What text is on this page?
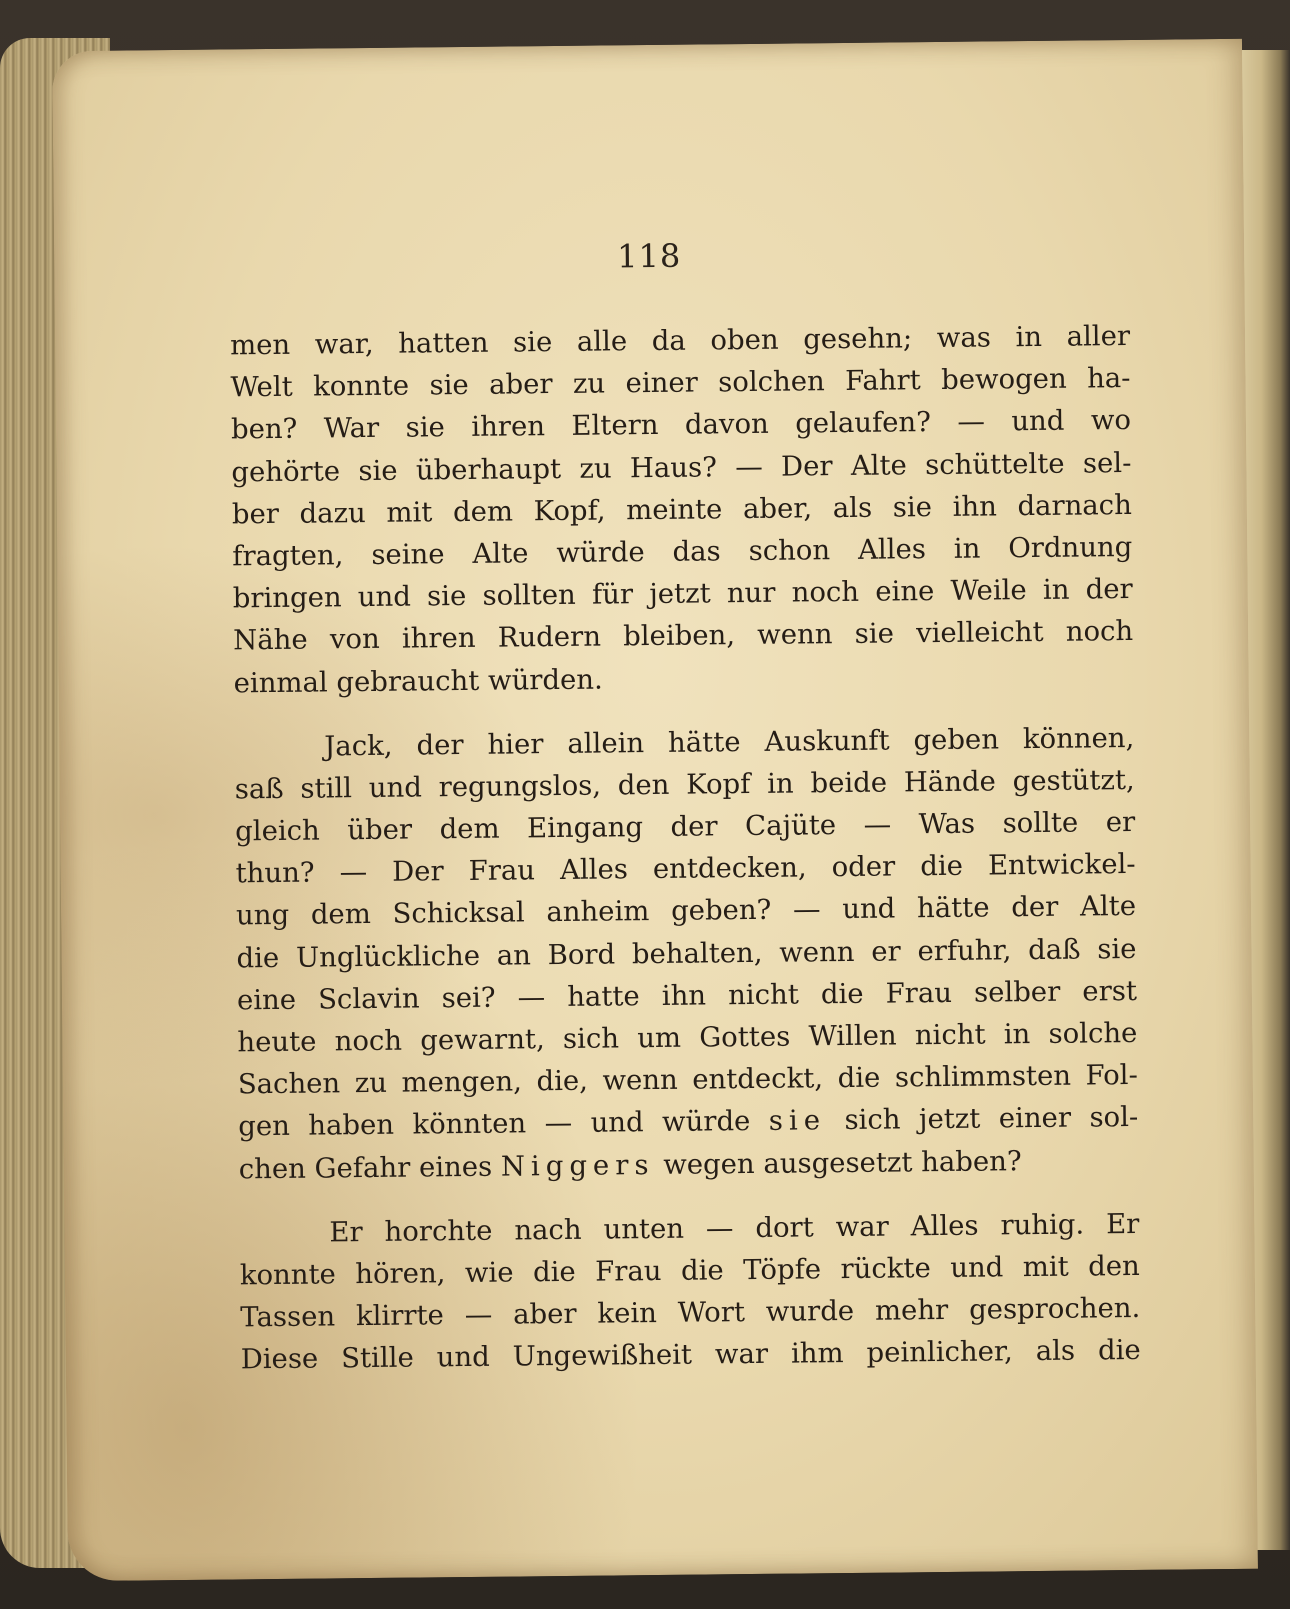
118
men war, hatten sie alle da oben gesehn; was in aller
Welt konnte sie aber zu einer solchen Fahrt bewogen ha-
ben? War sie ihren Eltern davon gelaufen? — und wo
gehörte sie überhaupt zu Haus? — Der Alte schüttelte sel-
ber dazu mit dem Kopf, meinte aber, als sie ihn darnach
fragten, seine Alte würde das schon Alles in Ordnung
bringen und sie sollten für jetzt nur noch eine Weile in der
Nähe von ihren Rudern bleiben, wenn sie vielleicht noch
einmal gebraucht würden.
Jack, der hier allein hätte Auskunft geben können,
saß still und regungslos, den Kopf in beide Hände gestützt,
gleich über dem Eingang der Cajüte — Was sollte er
thun? — Der Frau Alles entdecken, oder die Entwickel-
ung dem Schicksal anheim geben? — und hätte der Alte
die Unglückliche an Bord behalten, wenn er erfuhr, daß sie
eine Sclavin sei? — hatte ihn nicht die Frau selber erst
heute noch gewarnt, sich um Gottes Willen nicht in solche
Sachen zu mengen, die, wenn entdeckt, die schlimmsten Fol-
gen haben könnten — und würde sie sich jetzt einer sol-
chen Gefahr eines Niggers wegen ausgesetzt haben?
Er horchte nach unten — dort war Alles ruhig. Er
konnte hören, wie die Frau die Töpfe rückte und mit den
Tassen klirrte — aber kein Wort wurde mehr gesprochen.
Diese Stille und Ungewißheit war ihm peinlicher, als die
